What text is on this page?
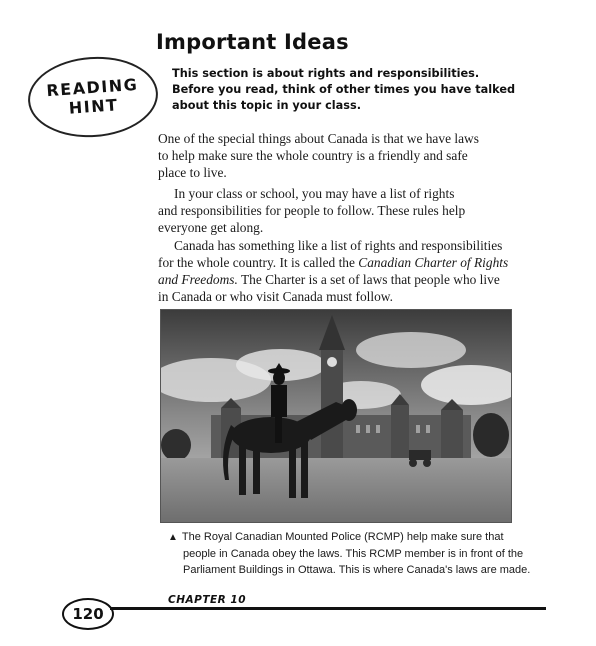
Important Ideas
READING
HINT
This section is about rights and responsibilities.
Before you read, think of other times you have talked
about this topic in your class.
One of the special things about Canada is that we have laws
to help make sure the whole country is a friendly and safe
place to live.
In your class or school, you may have a list of rights
and responsibilities for people to follow. These rules help
everyone get along.
Canada has something like a list of rights and responsibilities
for the whole country. It is called the Canadian Charter of Rights
and Freedoms. The Charter is a set of laws that people who live
in Canada or who visit Canada must follow.
▲ The Royal Canadian Mounted Police (RCMP) help make sure that
people in Canada obey the laws. This RCMP member is in front of the
Parliament Buildings in Ottawa. This is where Canada's laws are made.
CHAPTER 10
120
